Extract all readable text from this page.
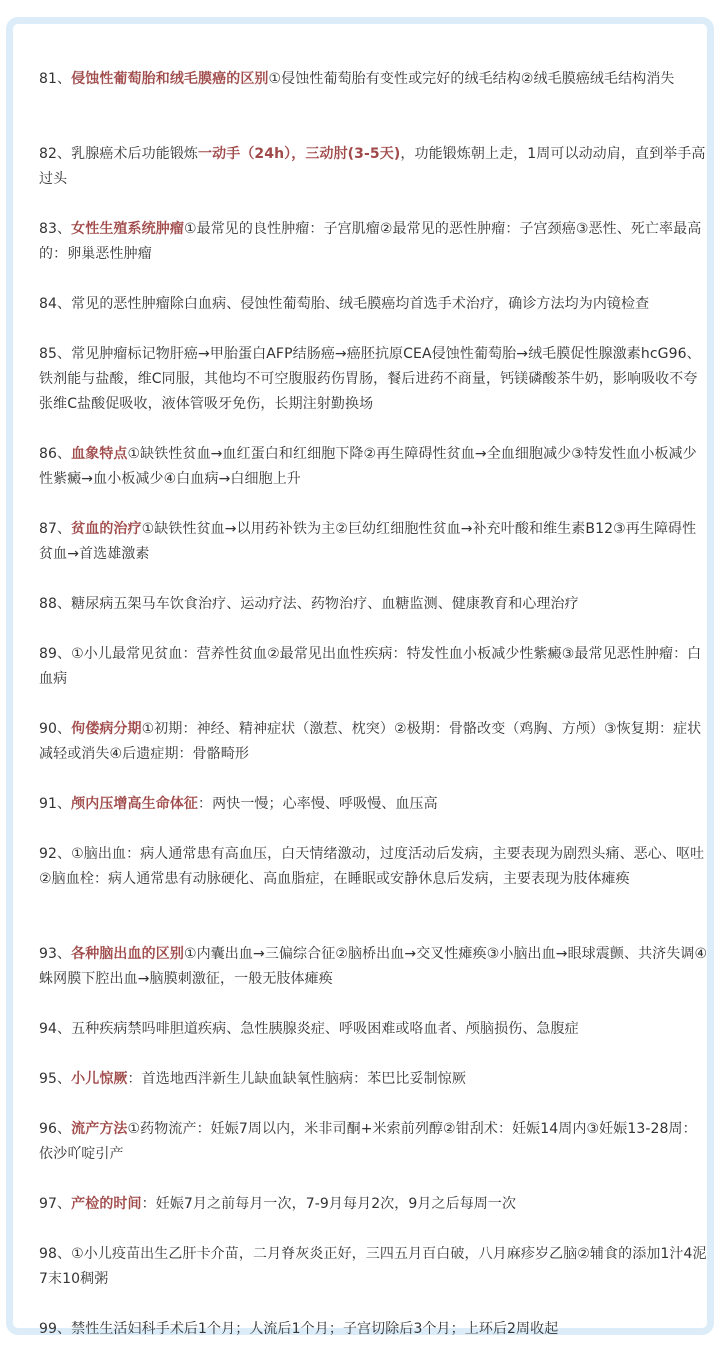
81、侵蚀性葡萄胎和绒毛膜癌的区别①侵蚀性葡萄胎有变性或完好的绒毛结构②绒毛膜癌绒毛结构消失
82、乳腺癌术后功能锻炼一动手（24h），三动肘(3-5天)，功能锻炼朝上走，1周可以动动肩，直到举手高过头
83、女性生殖系统肿瘤①最常见的良性肿瘤：子宫肌瘤②最常见的恶性肿瘤：子宫颈癌③恶性、死亡率最高的：卵巢恶性肿瘤
84、常见的恶性肿瘤除白血病、侵蚀性葡萄胎、绒毛膜癌均首选手术治疗，确诊方法均为内镜检查
85、常见肿瘤标记物肝癌→甲胎蛋白AFP结肠癌→癌胚抗原CEA侵蚀性葡萄胎→绒毛膜促性腺激素hcG96、铁剂能与盐酸，维C同服，其他均不可空腹服药伤胃肠，餐后进药不商量，钙镁磷酸茶牛奶，影响吸收不夸张维C盐酸促吸收，液体管吸牙免伤，长期注射勤换场
86、血象特点①缺铁性贫血→血红蛋白和红细胞下降②再生障碍性贫血→全血细胞减少③特发性血小板减少性紫癜→血小板减少④白血病→白细胞上升
87、贫血的治疗①缺铁性贫血→以用药补铁为主②巨幼红细胞性贫血→补充叶酸和维生素B12③再生障碍性贫血→首选雄激素
88、糖尿病五架马车饮食治疗、运动疗法、药物治疗、血糖监测、健康教育和心理治疗
89、①小儿最常见贫血：营养性贫血②最常见出血性疾病：特发性血小板减少性紫癜③最常见恶性肿瘤：白血病
90、佝偻病分期①初期：神经、精神症状（激惹、枕突）②极期：骨骼改变（鸡胸、方颅）③恢复期：症状减轻或消失④后遗症期：骨骼畸形
91、颅内压增高生命体征：两快一慢；心率慢、呼吸慢、血压高
92、①脑出血：病人通常患有高血压，白天情绪激动，过度活动后发病，主要表现为剧烈头痛、恶心、呕吐②脑血栓：病人通常患有动脉硬化、高血脂症，在睡眠或安静休息后发病，主要表现为肢体瘫痪
93、各种脑出血的区别①内囊出血→三偏综合征②脑桥出血→交叉性瘫痪③小脑出血→眼球震颤、共济失调④蛛网膜下腔出血→脑膜刺激征，一般无肢体瘫痪
94、五种疾病禁吗啡胆道疾病、急性胰腺炎症、呼吸困难或咯血者、颅脑损伤、急腹症
95、小儿惊厥：首选地西泮新生儿缺血缺氧性脑病：苯巴比妥制惊厥
96、流产方法①药物流产：妊娠7周以内，米非司酮+米索前列醇②钳刮术：妊娠14周内③妊娠13-28周：依沙吖啶引产
97、产检的时间：妊娠7月之前每月一次，7-9月每月2次，9月之后每周一次
98、①小儿疫苗出生乙肝卡介苗，二月脊灰炎正好，三四五月百白破，八月麻疹岁乙脑②辅食的添加1汁4泥7末10稠粥
99、禁性生活妇科手术后1个月；人流后1个月；子宫切除后3个月；上环后2周收起
